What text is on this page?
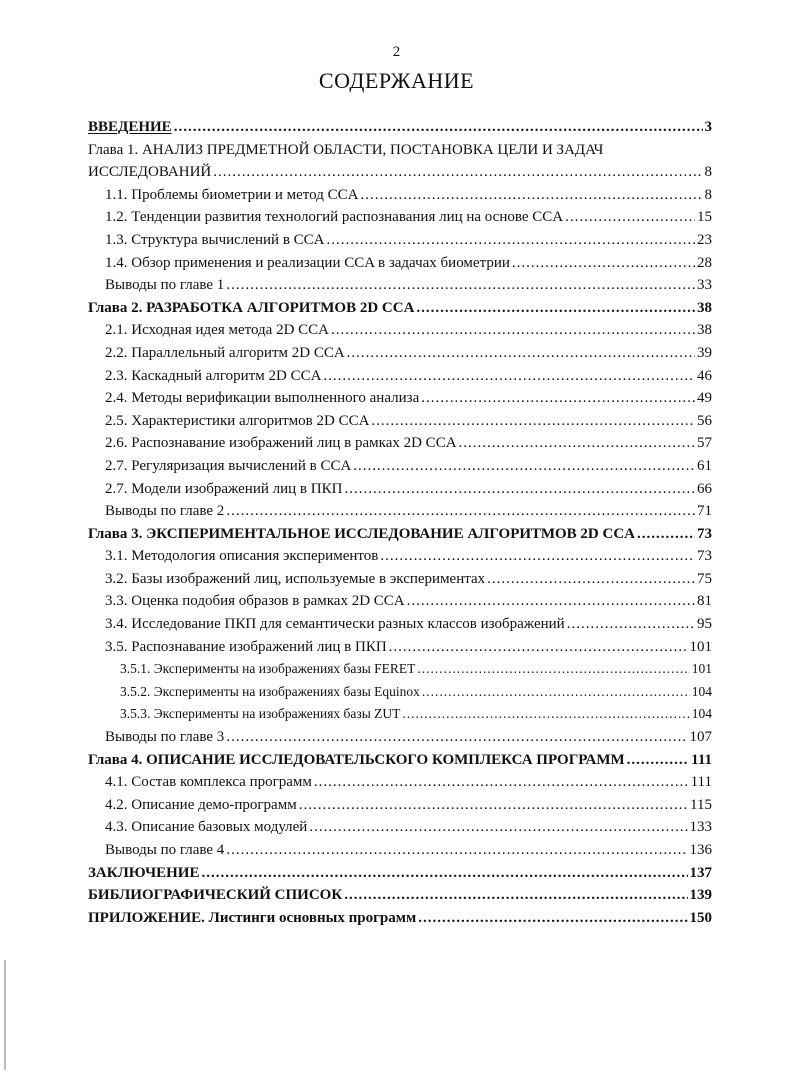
2
СОДЕРЖАНИЕ
ВВЕДЕНИЕ .....	3
Глава 1. АНАЛИЗ ПРЕДМЕТНОЙ ОБЛАСТИ, ПОСТАНОВКА ЦЕЛИ И ЗАДАЧ
ИССЛЕДОВАНИЙ .....	8
1.1. Проблемы биометрии и метод CCA .....	8
1.2. Тенденции развития технологий распознавания лиц на основе CCA .....	15
1.3. Структура вычислений в CCA .....	23
1.4. Обзор применения и реализации CCA в задачах биометрии .....	28
Выводы по главе 1 .....	33
Глава 2. РАЗРАБОТКА АЛГОРИТМОВ 2D CCA .....	38
2.1. Исходная идея метода 2D CCA .....	38
2.2. Параллельный алгоритм 2D CCA .....	39
2.3. Каскадный алгоритм 2D CCA .....	46
2.4. Методы верификации выполненного анализа .....	49
2.5. Характеристики алгоритмов 2D CCA .....	56
2.6. Распознавание изображений лиц в рамках 2D CCA .....	57
2.7. Регуляризация вычислений в CCA .....	61
2.7. Модели изображений лиц в ПКП .....	66
Выводы по главе 2 .....	71
Глава 3. ЭКСПЕРИМЕНТАЛЬНОЕ ИССЛЕДОВАНИЕ АЛГОРИТМОВ 2D CCA .....	73
3.1. Методология описания экспериментов .....	73
3.2. Базы изображений лиц, используемые в экспериментах .....	75
3.3. Оценка подобия образов в рамках 2D CCA .....	81
3.4. Исследование ПКП для семантически разных классов изображений .....	95
3.5. Распознавание изображений лиц в ПКП .....	101
3.5.1. Эксперименты на изображениях базы FERET .....	101
3.5.2. Эксперименты на изображениях базы Equinox .....	104
3.5.3. Эксперименты на изображениях базы ZUT .....	104
Выводы по главе 3 .....	107
Глава 4. ОПИСАНИЕ ИССЛЕДОВАТЕЛЬСКОГО КОМПЛЕКСА ПРОГРАММ .....	111
4.1. Состав комплекса программ .....	111
4.2. Описание демо-программ .....	115
4.3. Описание базовых модулей .....	133
Выводы по главе 4 .....	136
ЗАКЛЮЧЕНИЕ .....	137
БИБЛИОГРАФИЧЕСКИЙ СПИСОК .....	139
ПРИЛОЖЕНИЕ. Листинги основных программ .....	150
